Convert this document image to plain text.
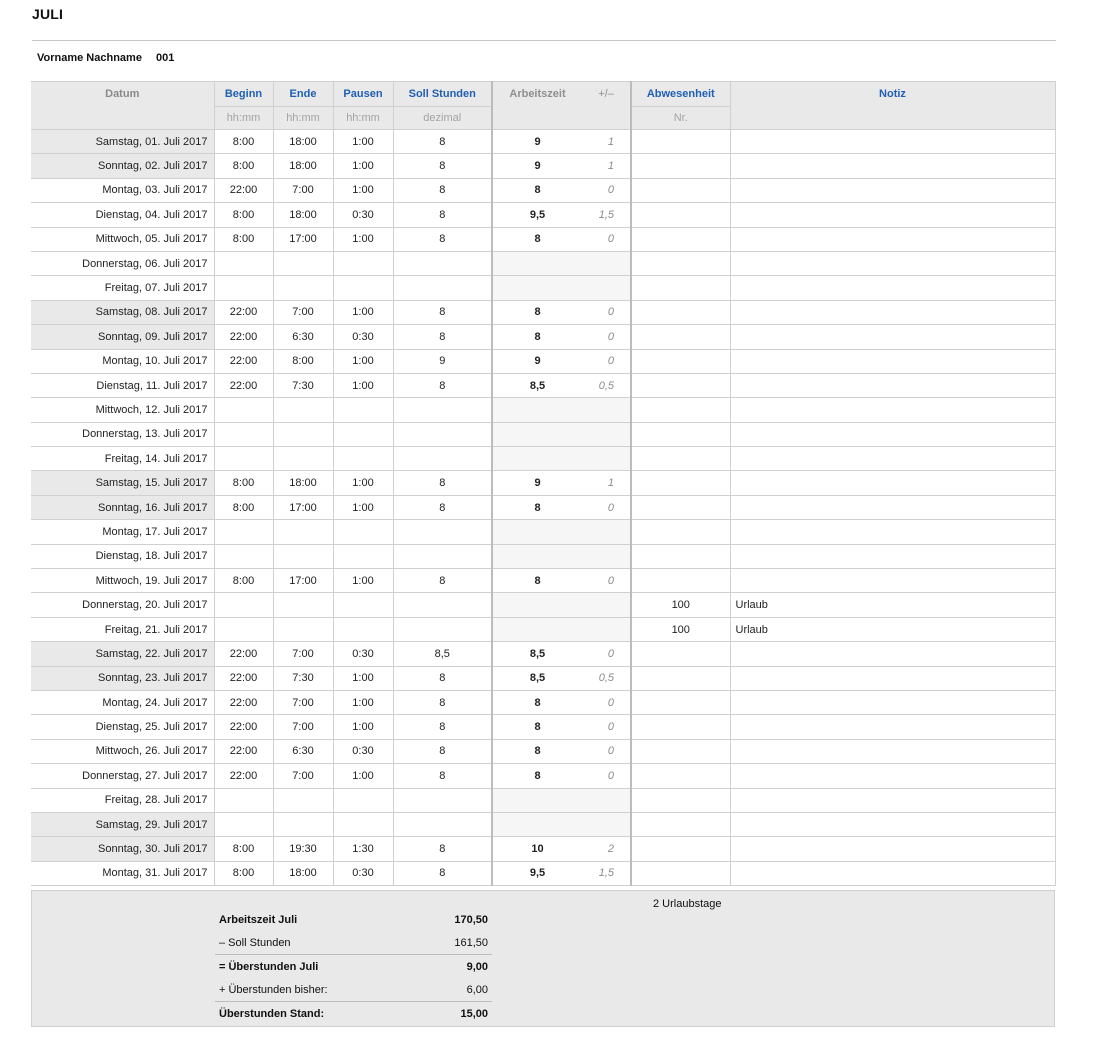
JULI
Vorname Nachname 001
Datum	Beginn	Ende	Pausen	Soll Stunden	Arbeitszeit	+/–	Abwesenheit	Notiz
	hh:mm	hh:mm	hh:mm	dezimal			Nr.	
Samstag, 01. Juli 2017	8:00	18:00	1:00	8	9	1		
Sonntag, 02. Juli 2017	8:00	18:00	1:00	8	9	1		
Montag, 03. Juli 2017	22:00	7:00	1:00	8	8	0		
Dienstag, 04. Juli 2017	8:00	18:00	0:30	8	9,5	1,5		
Mittwoch, 05. Juli 2017	8:00	17:00	1:00	8	8	0		
Donnerstag, 06. Juli 2017								
Freitag, 07. Juli 2017								
Samstag, 08. Juli 2017	22:00	7:00	1:00	8	8	0		
Sonntag, 09. Juli 2017	22:00	6:30	0:30	8	8	0		
Montag, 10. Juli 2017	22:00	8:00	1:00	9	9	0		
Dienstag, 11. Juli 2017	22:00	7:30	1:00	8	8,5	0,5		
Mittwoch, 12. Juli 2017								
Donnerstag, 13. Juli 2017								
Freitag, 14. Juli 2017								
Samstag, 15. Juli 2017	8:00	18:00	1:00	8	9	1		
Sonntag, 16. Juli 2017	8:00	17:00	1:00	8	8	0		
Montag, 17. Juli 2017								
Dienstag, 18. Juli 2017								
Mittwoch, 19. Juli 2017	8:00	17:00	1:00	8	8	0		
Donnerstag, 20. Juli 2017							100	Urlaub
Freitag, 21. Juli 2017							100	Urlaub
Samstag, 22. Juli 2017	22:00	7:00	0:30	8,5	8,5	0		
Sonntag, 23. Juli 2017	22:00	7:30	1:00	8	8,5	0,5		
Montag, 24. Juli 2017	22:00	7:00	1:00	8	8	0		
Dienstag, 25. Juli 2017	22:00	7:00	1:00	8	8	0		
Mittwoch, 26. Juli 2017	22:00	6:30	0:30	8	8	0		
Donnerstag, 27. Juli 2017	22:00	7:00	1:00	8	8	0		
Freitag, 28. Juli 2017								
Samstag, 29. Juli 2017								
Sonntag, 30. Juli 2017	8:00	19:30	1:30	8	10	2		
Montag, 31. Juli 2017	8:00	18:00	0:30	8	9,5	1,5		
2 Urlaubstage
Arbeitszeit Juli	170,50
– Soll Stunden	161,50
= Überstunden Juli	9,00
+ Überstunden bisher:	6,00
Überstunden Stand:	15,00
